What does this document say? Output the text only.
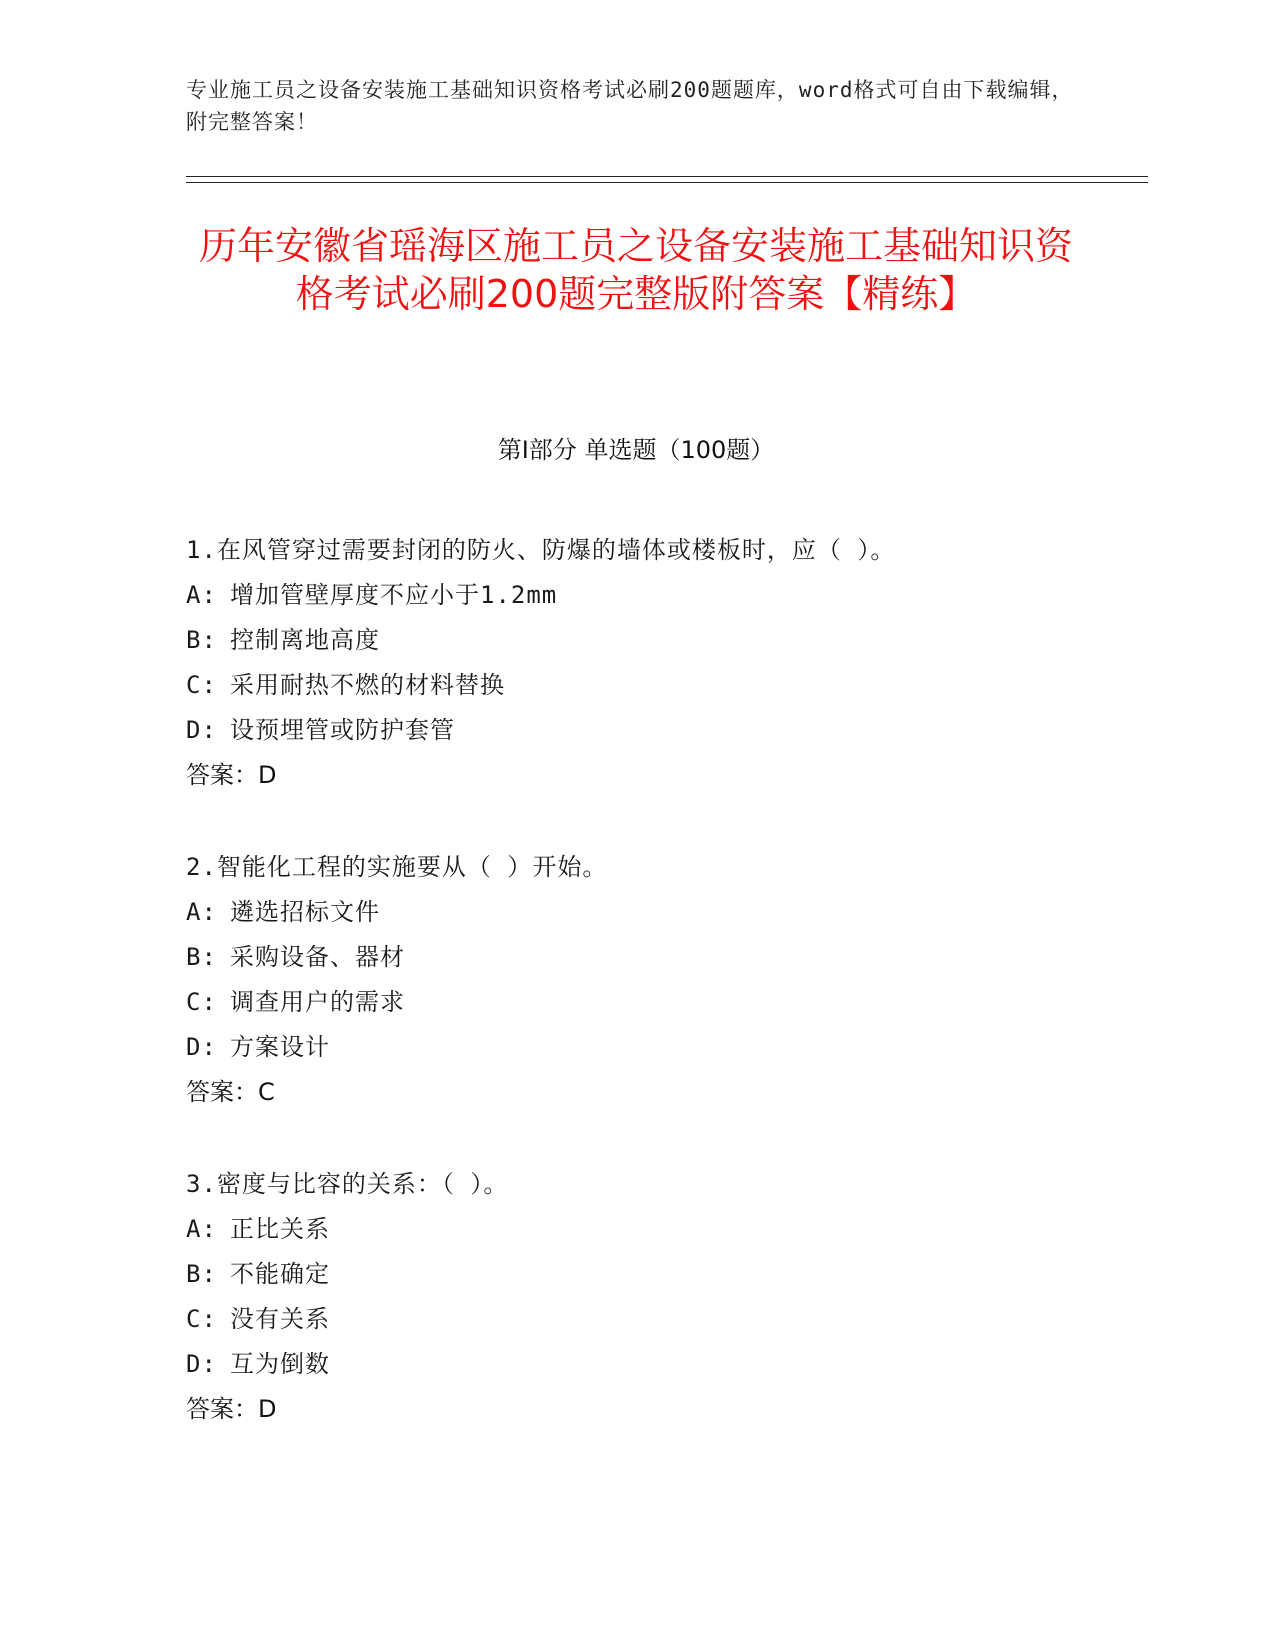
专业施工员之设备安装施工基础知识资格考试必刷200题题库，word格式可自由下载编辑，附完整答案！
历年安徽省瑶海区施工员之设备安装施工基础知识资格考试必刷200题完整版附答案【精练】
第I部分 单选题（100题）
1.在风管穿过需要封闭的防火、防爆的墙体或楼板时，应（ ）。
A: 增加管壁厚度不应小于1.2mm
B: 控制离地高度
C: 采用耐热不燃的材料替换
D: 设预埋管或防护套管
答案：D
2.智能化工程的实施要从（ ）开始。
A: 遴选招标文件
B: 采购设备、器材
C: 调查用户的需求
D: 方案设计
答案：C
3.密度与比容的关系：（ ）。
A: 正比关系
B: 不能确定
C: 没有关系
D: 互为倒数
答案：D
